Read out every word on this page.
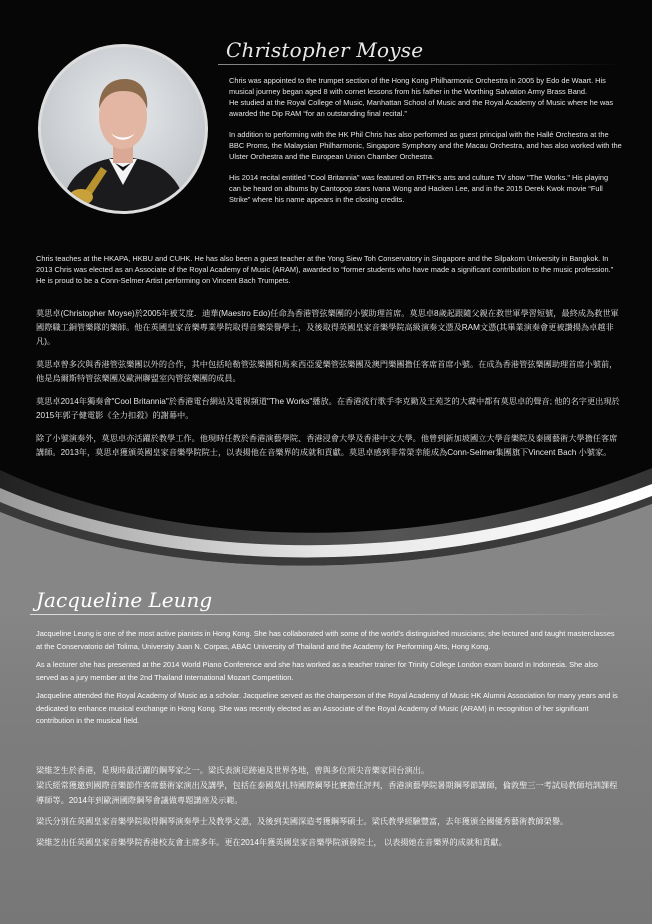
Christopher Moyse

Chris was appointed to the trumpet section of the Hong Kong Philharmonic Orchestra in 2005 by Edo de Waart. His musical journey began aged 8 with cornet lessons from his father in the Worthing Salvation Army Brass Band.

He studied at the Royal College of Music, Manhattan School of Music and the Royal Academy of Music where he was awarded the Dip RAM “for an outstanding final recital.”

In addition to performing with the HK Phil Chris has also performed as guest principal with the Hallé Orchestra at the BBC Proms, the Malaysian Philharmonic, Singapore Symphony and the Macau Orchestra, and has also worked with the Ulster Orchestra and the European Union Chamber Orchestra.

His 2014 recital entitled "Cool Britannia" was featured on RTHK's arts and culture TV show "The Works." His playing can be heard on albums by Cantopop stars Ivana Wong and Hacken Lee, and in the 2015 Derek Kwok movie “Full Strike” where his name appears in the closing credits.

Chris teaches at the HKAPA, HKBU and CUHK. He has also been a guest teacher at the Yong Siew Toh Conservatory in Singapore and the Silpakorn University in Bangkok. In 2013 Chris was elected as an Associate of the Royal Academy of Music (ARAM), awarded to “former students who have made a significant contribution to the music profession.” He is proud to be a Conn-Selmer Artist performing on Vincent Bach Trumpets.

莫思卓(Christopher Moyse)於2005年被艾度．迪華(Maestro Edo)任命為香港管弦樂團的小號助理首席。莫思卓8歲起跟隨父親在救世軍學習短號，最終成為救世軍國際職工銅管樂隊的樂師。他在英國皇家音樂專業學院取得音樂榮譽學士，及後取得英國皇家音樂學院高級演奏文憑及RAM文憑(其畢業演奏會更被讚揚為卓越非凡)。

莫思卓曾多次與香港管弦樂團以外的合作，其中包括哈勒管弦樂團和馬來西亞愛樂管弦樂團及澳門樂團擔任客席首席小號。在成為香港管弦樂團助理首席小號前，他是烏爾斯特管弦樂團及歐洲聯盟室內管弦樂團的成員。

莫思卓2014年獨奏會"Cool Britannia"於香港電台網站及電視頻道"The Works"播放。在香港流行歌手李克勤及王苑芝的大碟中都有莫思卓的聲音; 他的名字更出現於2015年郭子健電影《全力扣殺》的謝幕中。

除了小號演奏外，莫思卓亦活躍於教學工作。他現時任教於香港演藝學院、香港浸會大學及香港中文大學。他曾到新加坡國立大學音樂院及泰國藝術大學擔任客席講師。2013年，莫思卓獲頒英國皇家音樂學院院士，以表揚他在音樂界的成就和貢獻。莫思卓感到非常榮幸能成為Conn-Selmer集團旗下Vincent Bach 小號家。

Jacqueline Leung

Jacqueline Leung is one of the most active pianists in Hong Kong. She has collaborated with some of the world's distinguished musicians; she lectured and taught masterclasses at the Conservatorio del Tolima, University Juan N. Corpas, ABAC University of Thailand and the Academy for Performing Arts, Hong Kong.

As a lecturer she has presented at the 2014 World Piano Conference and she has worked as a teacher trainer for Trinity College London exam board in Indonesia. She also served as a jury member at the 2nd Thailand International Mozart Competition.

Jacqueline attended the Royal Academy of Music as a scholar. Jacqueline served as the chairperson of the Royal Academy of Music HK Alumni Association for many years and is dedicated to enhance musical exchange in Hong Kong. She was recently elected as an Associate of the Royal Academy of Music (ARAM) in recognition of her significant contribution in the musical field.

梁維芝生於香港，是現時最活躍的鋼琴家之一。梁氏表演足跡遍及世界各地，曾與多位頂尖音樂家同台演出。
梁氏經常獲邀到國際音樂節作客席藝術家演出及講學，包括在泰國莫扎特國際鋼琴比賽擔任評判，香港演藝學院暑期鋼琴節講師，倫敦聖三一考試局教師培訓課程導師等。2014年到歐洲國際鋼琴會議做專題講座及示範。

梁氏分別在英國皇家音樂學院取得鋼琴演奏學士及教學文憑，及後到美國深造考獲鋼琴碩士。梁氏教學經驗豐富，去年獲頒全國優秀藝術教師榮譽。

梁維芝出任英國皇家音樂學院香港校友會主席多年。更在2014年獲英國皇家音樂學院頒發院士， 以表揚她在音樂界的成就和貢獻。
